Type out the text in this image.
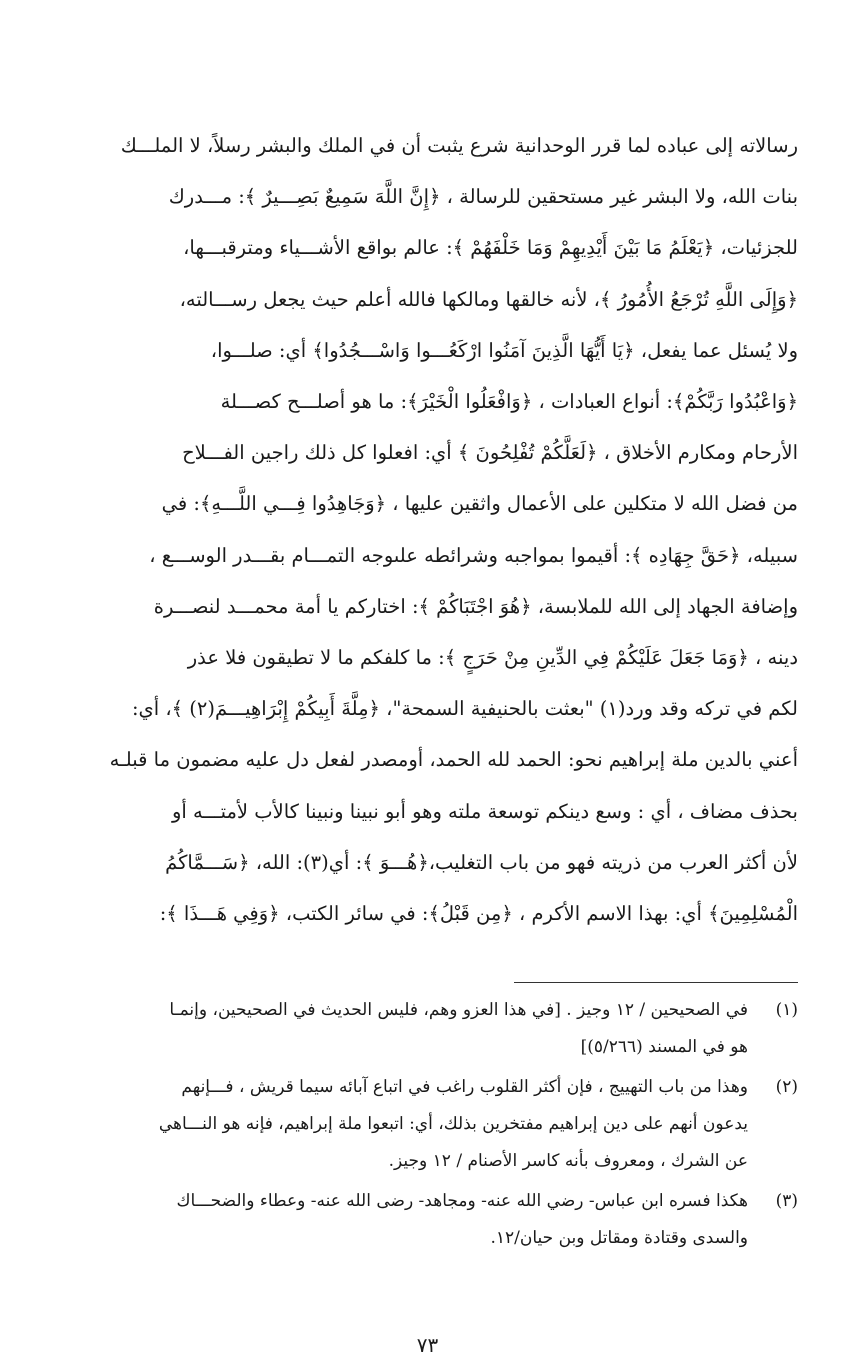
رسالاته إلى عباده لما قرر الوحدانية شرع يثبت أن في الملك والبشر رسلاً، لا الملـــك

بنات الله، ولا البشر غير مستحقين للرسالة ، ﴿إِنَّ اللَّهَ سَمِيعٌ بَصِـــيرٌ ﴾: مـــدرك

للجزئيات، ﴿يَعْلَمُ مَا بَيْنَ أَيْدِيهِمْ وَمَا خَلْفَهُمْ ﴾: عالم بواقع الأشـــياء ومترقبـــها،

﴿وَإِلَى اللَّهِ تُرْجَعُ الأُمُورُ ﴾، لأنه خالقها ومالكها فالله أعلم حيث يجعل رســـالته،

ولا يُسئل عما يفعل، ﴿يَا أَيُّهَا الَّذِينَ آمَنُوا ارْكَعُـــوا وَاسْـــجُدُوا﴾ أي: صلـــوا،

﴿وَاعْبُدُوا رَبَّكُمْ﴾: أنواع العبادات ، ﴿وَافْعَلُوا الْخَيْرَ﴾: ما هو أصلـــح كصـــلة

الأرحام ومكارم الأخلاق ، ﴿لَعَلَّكُمْ تُفْلِحُونَ ﴾ أي: افعلوا كل ذلك راجين الفـــلاح

من فضل الله لا متكلين على الأعمال واثقين عليها ، ﴿وَجَاهِدُوا فِـــي اللَّـــهِ﴾: في

سبيله، ﴿حَقَّ جِهَادِه ﴾: أقيموا بمواجبه وشرائطه علىوجه التمـــام بقـــدر الوســـع ،

وإضافة الجهاد إلى الله للملابسة، ﴿هُوَ اجْتَبَاكُمْ ﴾: اختاركم يا أمة محمـــد لنصـــرة

دينه ، ﴿وَمَا جَعَلَ عَلَيْكُمْ فِي الدِّينِ مِنْ حَرَجٍ ﴾: ما كلفكم ما لا تطيقون فلا عذر

لكم في تركه وقد ورد(١) "بعثت بالحنيفية السمحة"، ﴿مِلَّةَ أَبِيكُمْ إِبْرَاهِيـــمَ(٢) ﴾، أي:

أعني بالدين ملة إبراهيم نحو: الحمد لله الحمد، أومصدر لفعل دل عليه مضمون ما قبلـه

بحذف مضاف ، أي : وسع دينكم توسعة ملته وهو أبو نبينا ونبينا كالأب لأمتـــه أو

لأن أكثر العرب من ذريته فهو من باب التغليب،﴿هُـــوَ ﴾: أي(٣): الله، ﴿سَـــمَّاكُمُ

الْمُسْلِمِينَ﴾ أي: بهذا الاسم الأكرم ، ﴿مِن قَبْلُ﴾: في سائر الكتب، ﴿وَفِي هَـــذَا ﴾:

(١)
في الصحيحين / ١٢ وجيز . [في هذا العزو وهم، فليس الحديث في الصحيحين، وإنمـا
هو في المسند (٥/٢٦٦)]
(٢)
وهذا من باب التهييج ، فإن أكثر القلوب راغب في اتباع آبائه سيما قريش ، فـــإنهم
يدعون أنهم على دين إبراهيم مفتخرين بذلك، أي: اتبعوا ملة إبراهيم، فإنه هو النـــاهي
عن الشرك ، ومعروف بأنه كاسر الأصنام / ١٢ وجيز.
(٣)
هكذا فسره ابن عباس- رضي الله عنه- ومجاهد- رضى الله عنه- وعطاء والضحـــاك
والسدى وقتادة ومقاتل وبن حيان/١٢.
٧٣
